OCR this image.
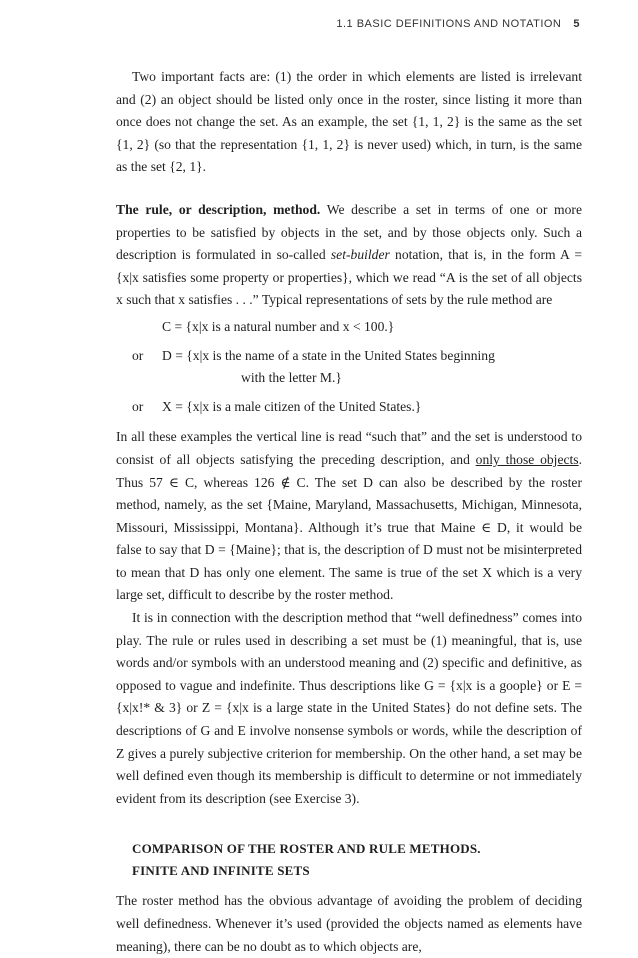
1.1 BASIC DEFINITIONS AND NOTATION 5

Two important facts are: (1) the order in which elements are listed is irrelevant and (2) an object should be listed only once in the roster, since listing it more than once does not change the set. As an example, the set {1, 1, 2} is the same as the set {1, 2} (so that the representation {1, 1, 2} is never used) which, in turn, is the same as the set {2, 1}.

The rule, or description, method. We describe a set in terms of one or more properties to be satisfied by objects in the set, and by those objects only. Such a description is formulated in so-called set-builder notation, that is, in the form A = {x|x satisfies some property or properties}, which we read “A is the set of all objects x such that x satisfies . . .” Typical representations of sets by the rule method are

C = {x|x is a natural number and x < 100.}
or D = {x|x is the name of a state in the United States beginning
with the letter M.}
or X = {x|x is a male citizen of the United States.}

In all these examples the vertical line is read “such that” and the set is understood to consist of all objects satisfying the preceding description, and only those objects. Thus 57 ∈ C, whereas 126 ∉ C. The set D can also be described by the roster method, namely, as the set {Maine, Maryland, Massachusetts, Michigan, Minnesota, Missouri, Mississippi, Montana}. Although it’s true that Maine ∈ D, it would be false to say that D = {Maine}; that is, the description of D must not be misinterpreted to mean that D has only one element. The same is true of the set X which is a very large set, difficult to describe by the roster method.

It is in connection with the description method that “well definedness” comes into play. The rule or rules used in describing a set must be (1) meaningful, that is, use words and/or symbols with an understood meaning and (2) specific and definitive, as opposed to vague and indefinite. Thus descriptions like G = {x|x is a goople} or E = {x|x!* & 3} or Z = {x|x is a large state in the United States} do not define sets. The descriptions of G and E involve nonsense symbols or words, while the description of Z gives a purely subjective criterion for membership. On the other hand, a set may be well defined even though its membership is difficult to determine or not immediately evident from its description (see Exercise 3).

COMPARISON OF THE ROSTER AND RULE METHODS.
FINITE AND INFINITE SETS

The roster method has the obvious advantage of avoiding the problem of deciding well definedness. Whenever it’s used (provided the objects named as elements have meaning), there can be no doubt as to which objects are,
